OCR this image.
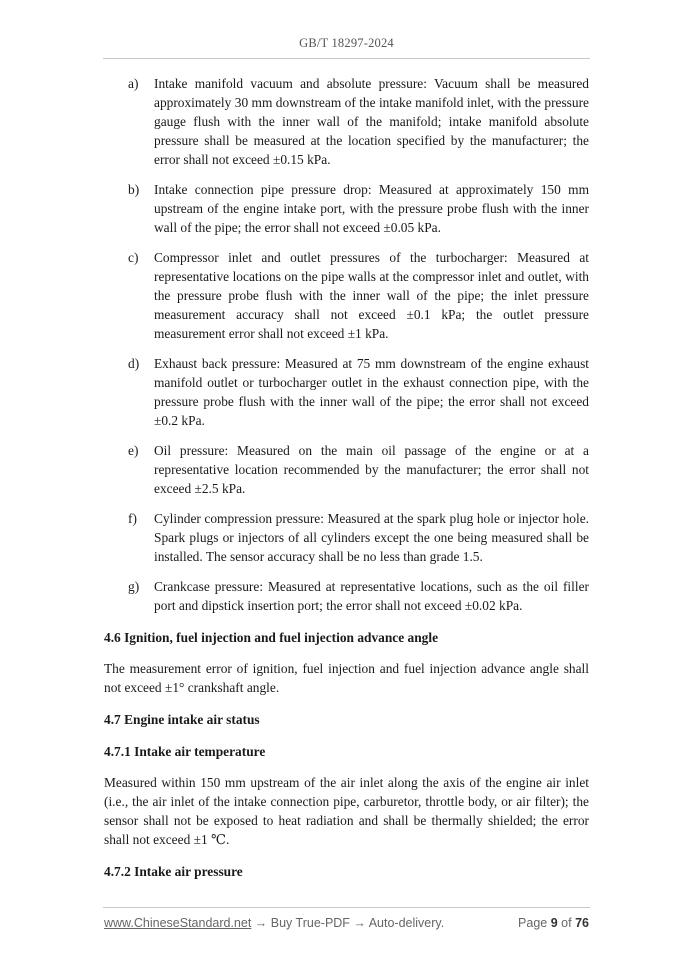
GB/T 18297-2024
a)	Intake manifold vacuum and absolute pressure: Vacuum shall be measured approximately 30 mm downstream of the intake manifold inlet, with the pressure gauge flush with the inner wall of the manifold; intake manifold absolute pressure shall be measured at the location specified by the manufacturer; the error shall not exceed ±0.15 kPa.
b)	Intake connection pipe pressure drop: Measured at approximately 150 mm upstream of the engine intake port, with the pressure probe flush with the inner wall of the pipe; the error shall not exceed ±0.05 kPa.
c)	Compressor inlet and outlet pressures of the turbocharger: Measured at representative locations on the pipe walls at the compressor inlet and outlet, with the pressure probe flush with the inner wall of the pipe; the inlet pressure measurement accuracy shall not exceed ±0.1 kPa; the outlet pressure measurement error shall not exceed ±1 kPa.
d)	Exhaust back pressure: Measured at 75 mm downstream of the engine exhaust manifold outlet or turbocharger outlet in the exhaust connection pipe, with the pressure probe flush with the inner wall of the pipe; the error shall not exceed ±0.2 kPa.
e)	Oil pressure: Measured on the main oil passage of the engine or at a representative location recommended by the manufacturer; the error shall not exceed ±2.5 kPa.
f)	Cylinder compression pressure: Measured at the spark plug hole or injector hole. Spark plugs or injectors of all cylinders except the one being measured shall be installed. The sensor accuracy shall be no less than grade 1.5.
g)	Crankcase pressure: Measured at representative locations, such as the oil filler port and dipstick insertion port; the error shall not exceed ±0.02 kPa.
4.6 Ignition, fuel injection and fuel injection advance angle
The measurement error of ignition, fuel injection and fuel injection advance angle shall not exceed ±1° crankshaft angle.
4.7 Engine intake air status
4.7.1 Intake air temperature
Measured within 150 mm upstream of the air inlet along the axis of the engine air inlet (i.e., the air inlet of the intake connection pipe, carburetor, throttle body, or air filter); the sensor shall not be exposed to heat radiation and shall be thermally shielded; the error shall not exceed ±1 ℃.
4.7.2 Intake air pressure
www.ChineseStandard.net → Buy True-PDF → Auto-delivery.	Page 9 of 76
